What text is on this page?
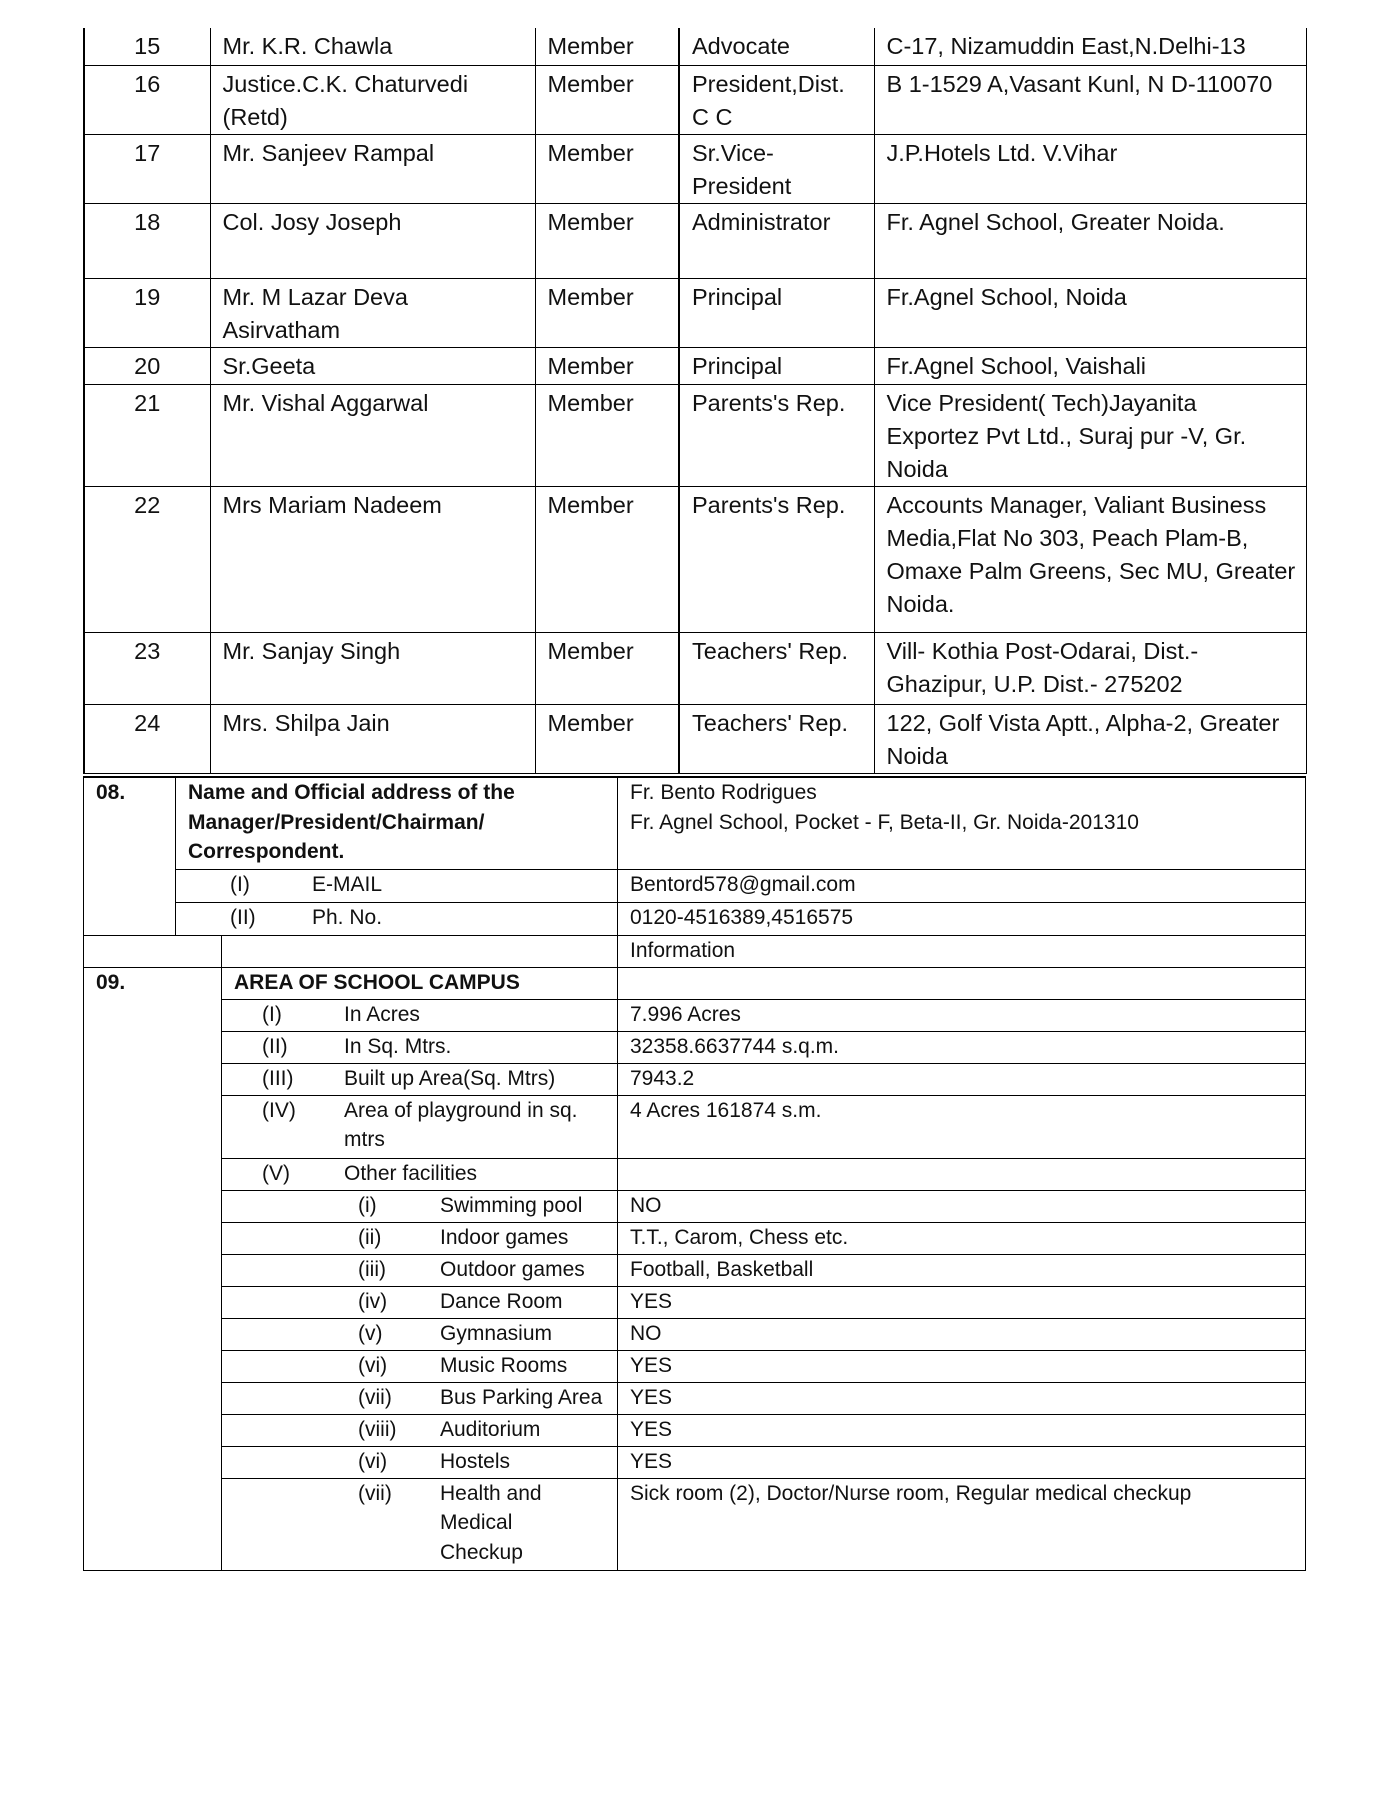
15	Mr. K.R. Chawla	Member	Advocate	C-17, Nizamuddin East,N.Delhi-13
16	Justice.C.K. Chaturvedi (Retd)	Member	President,Dist. C C	B 1-1529 A,Vasant Kunl, N D-110070
17	Mr. Sanjeev Rampal	Member	Sr.Vice-President	J.P.Hotels Ltd. V.Vihar
18	Col. Josy Joseph	Member	Administrator	Fr. Agnel School, Greater Noida.
19	Mr. M Lazar Deva Asirvatham	Member	Principal	Fr.Agnel School, Noida
20	Sr.Geeta	Member	Principal	Fr.Agnel School, Vaishali
21	Mr. Vishal Aggarwal	Member	Parents's Rep.	Vice President( Tech)Jayanita Exportez Pvt Ltd., Suraj pur -V, Gr. Noida
22	Mrs Mariam Nadeem	Member	Parents's Rep.	Accounts Manager, Valiant Business Media,Flat No 303, Peach Plam-B, Omaxe Palm Greens, Sec MU, Greater Noida.
23	Mr. Sanjay Singh	Member	Teachers' Rep.	Vill- Kothia Post-Odarai, Dist.- Ghazipur, U.P. Dist.- 275202
24	Mrs. Shilpa Jain	Member	Teachers' Rep.	122, Golf Vista Aptt., Alpha-2, Greater Noida
08.	Name and Official address of the Manager/President/Chairman/ Correspondent.		Fr. Bento Rodrigues
Fr. Agnel School, Pocket - F, Beta-II, Gr. Noida-201310

	(I) E-MAIL		Bentord578@gmail.com
	(II) Ph. No.		0120-4516389,4516575
			Information
09.		AREA OF SCHOOL CAMPUS	
		(I) In Acres	7.996 Acres
		(II) In Sq. Mtrs.	32358.6637744 s.q.m.
		(III) Built up Area(Sq. Mtrs)	7943.2
		(IV) Area of playground in sq. mtrs	4 Acres 161874 s.m.
		(V) Other facilities	
		(i) Swimming pool	NO
		(ii) Indoor games	T.T., Carom, Chess etc.
		(iii) Outdoor games	Football, Basketball
		(iv) Dance Room	YES
		(v) Gymnasium	NO
		(vi) Music Rooms	YES
		(vii) Bus Parking Area	YES
		(viii) Auditorium	YES
		(vi) Hostels	YES
		(vii) Health and Medical Checkup	Sick room (2), Doctor/Nurse room, Regular medical checkup
